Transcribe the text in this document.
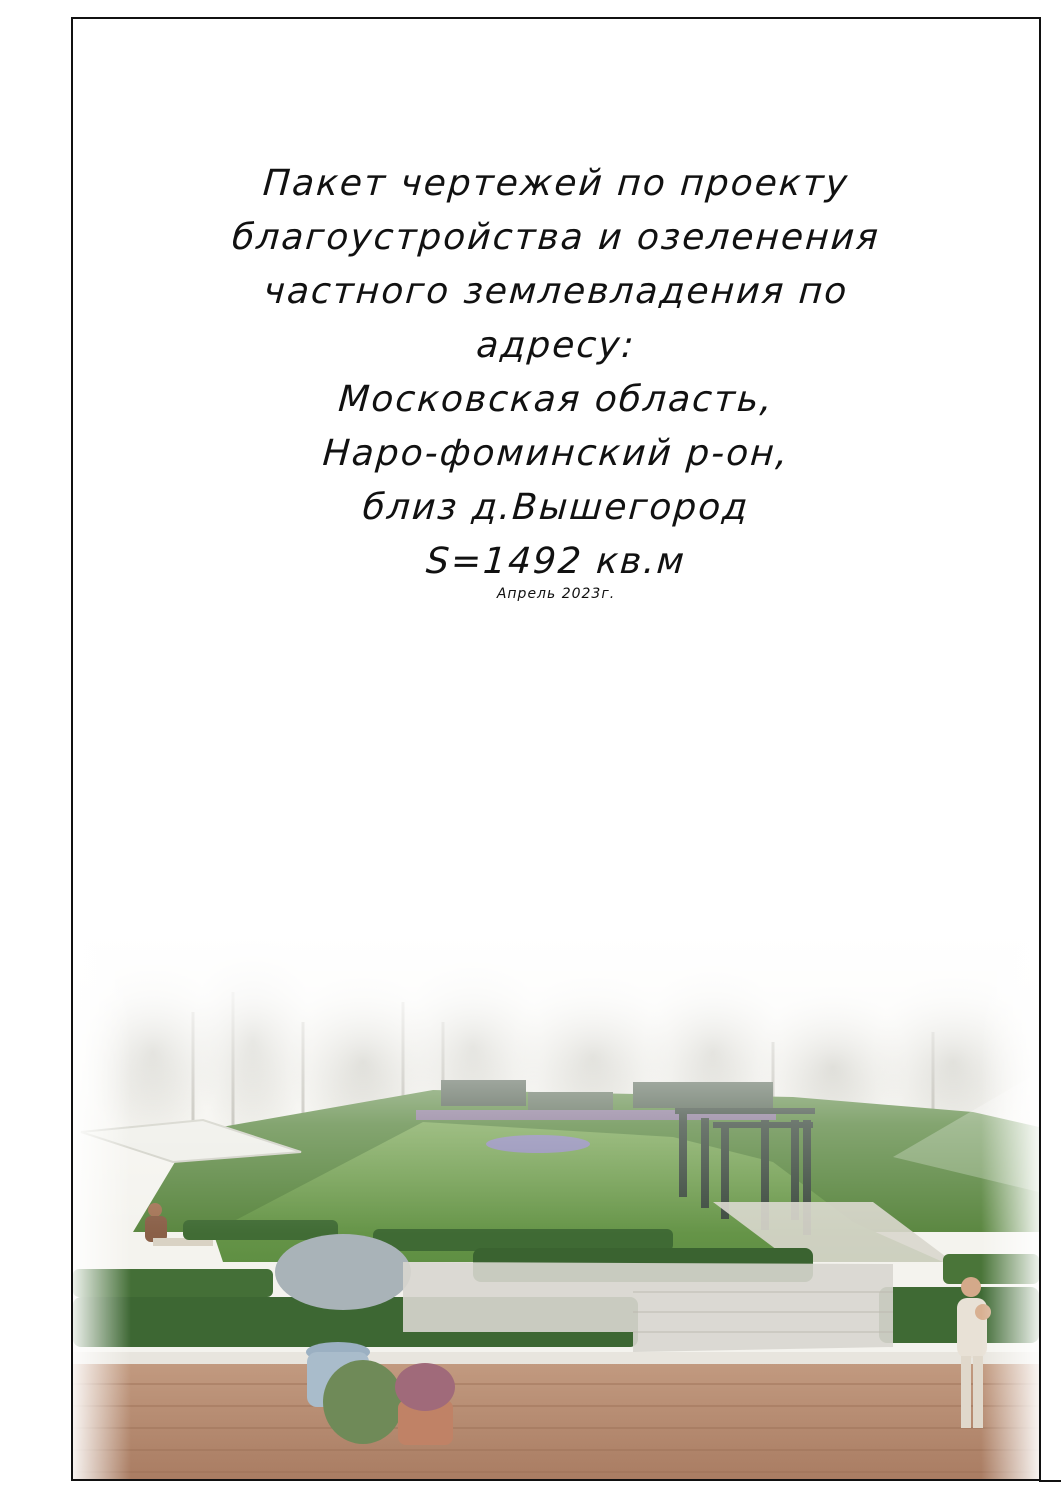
Пакет чертежей по проекту
благоустройства и озеленения
частного землевладения по
адресу:
Московская область,
Наро-фоминский р-он,
близ д.Вышегород
S=1492 кв.м
Апрель 2023г.
